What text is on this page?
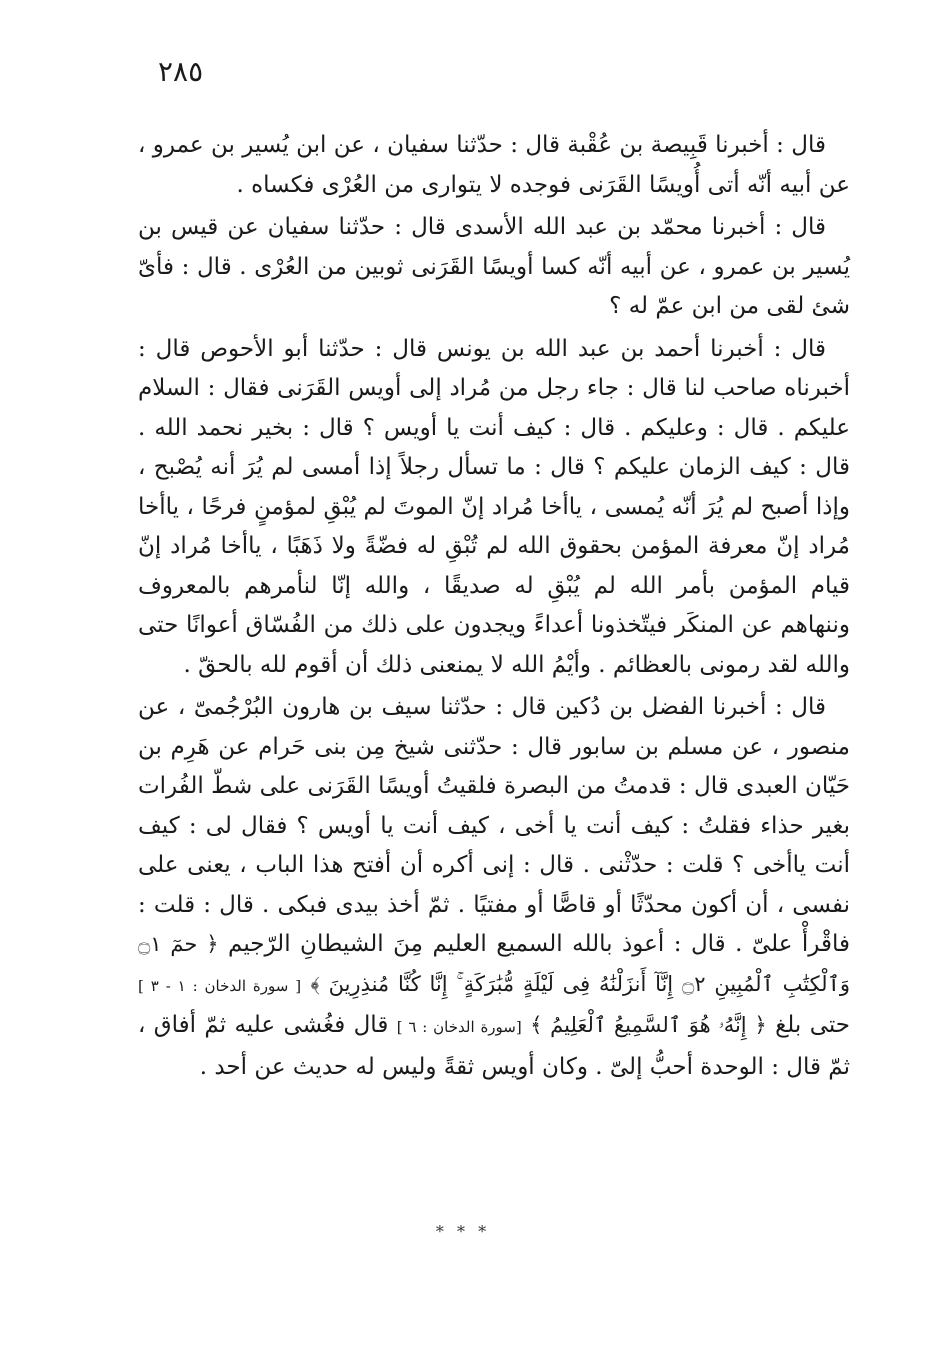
٢٨٥

قال : أخبرنا قَبِيصة بن عُقْبة قال : حدّثنا سفيان ، عن ابن يُسير بن عمرو ، عن أبيه أنّه أتى أُويسًا القَرَنى فوجده لا يتوارى من العُرْى فكساه .

قال : أخبرنا محمّد بن عبد الله الأسدى قال : حدّثنا سفيان عن قيس بن يُسير بن عمرو ، عن أبيه أنّه كسا أويسًا القَرَنى ثوبين من العُرْى . قال : فأىّ شئ لقى من ابن عمّ له ؟

قال : أخبرنا أحمد بن عبد الله بن يونس قال : حدّثنا أبو الأحوص قال : أخبرناه صاحب لنا قال : جاء رجل من مُراد إلى أويس القَرَنى فقال : السلام عليكم . قال : وعليكم . قال : كيف أنت يا أويس ؟ قال : بخير نحمد الله . قال : كيف الزمان عليكم ؟ قال : ما تسأل رجلاً إذا أمسى لم يُرَ أنه يُصْبح ، وإذا أصبح لم يُرَ أنّه يُمسى ، ياأخا مُراد إنّ الموتَ لم يُبْقِ لمؤمنٍ فرحًا ، ياأخا مُراد إنّ معرفة المؤمن بحقوق الله لم تُبْقِ له فضّةً ولا ذَهَبًا ، ياأخا مُراد إنّ قيام المؤمن بأمر الله لم يُبْقِ له صديقًا ، والله إنّا لنأمرهم بالمعروف وننهاهم عن المنكَر فيتّخذونا أعداءً ويجدون على ذلك من الفُسّاق أعوانًا حتى والله لقد رمونى بالعظائم . وأيْمُ الله لا يمنعنى ذلك أن أقوم لله بالحقّ .

قال : أخبرنا الفضل بن دُكين قال : حدّثنا سيف بن هارون البُرْجُمىّ ، عن منصور ، عن مسلم بن سابور قال : حدّثنى شيخ مِن بنى حَرام عن هَرِم بن حَيّان العبدى قال : قدمتُ من البصرة فلقيتُ أويسًا القَرَنى على شطّ الفُرات بغير حذاء فقلتُ : كيف أنت يا أخى ، كيف أنت يا أويس ؟ فقال لى : كيف أنت ياأخى ؟ قلت : حدّثْنى . قال : إنى أكره أن أفتح هذا الباب ، يعنى على نفسى ، أن أكون محدّثًا أو قاصًّا أو مفتيًا . ثمّ أخذ بيدى فبكى . قال : قلت : فاقْرأْ علىّ . قال : أعوذ بالله السميع العليم مِنَ الشيطانِ الرّجيم ﴿ حمٓ ۝١ وَٱلْكِتَٰبِ ٱلْمُبِينِ ۝٢ إِنَّآ أَنزَلْنَٰهُ فِى لَيْلَةٍ مُّبَٰرَكَةٍ ۚ إِنَّا كُنَّا مُنذِرِينَ ﴾ [ سورة الدخان : ١ - ٣ ] حتى بلغ ﴿ إِنَّهُۥ هُوَ ٱلسَّمِيعُ ٱلْعَلِيمُ ﴾ [سورة الدخان : ٦ ] قال فغُشى عليه ثمّ أفاق ، ثمّ قال : الوحدة أحبُّ إلىّ . وكان أويس ثقةً وليس له حديث عن أحد .

* * *
